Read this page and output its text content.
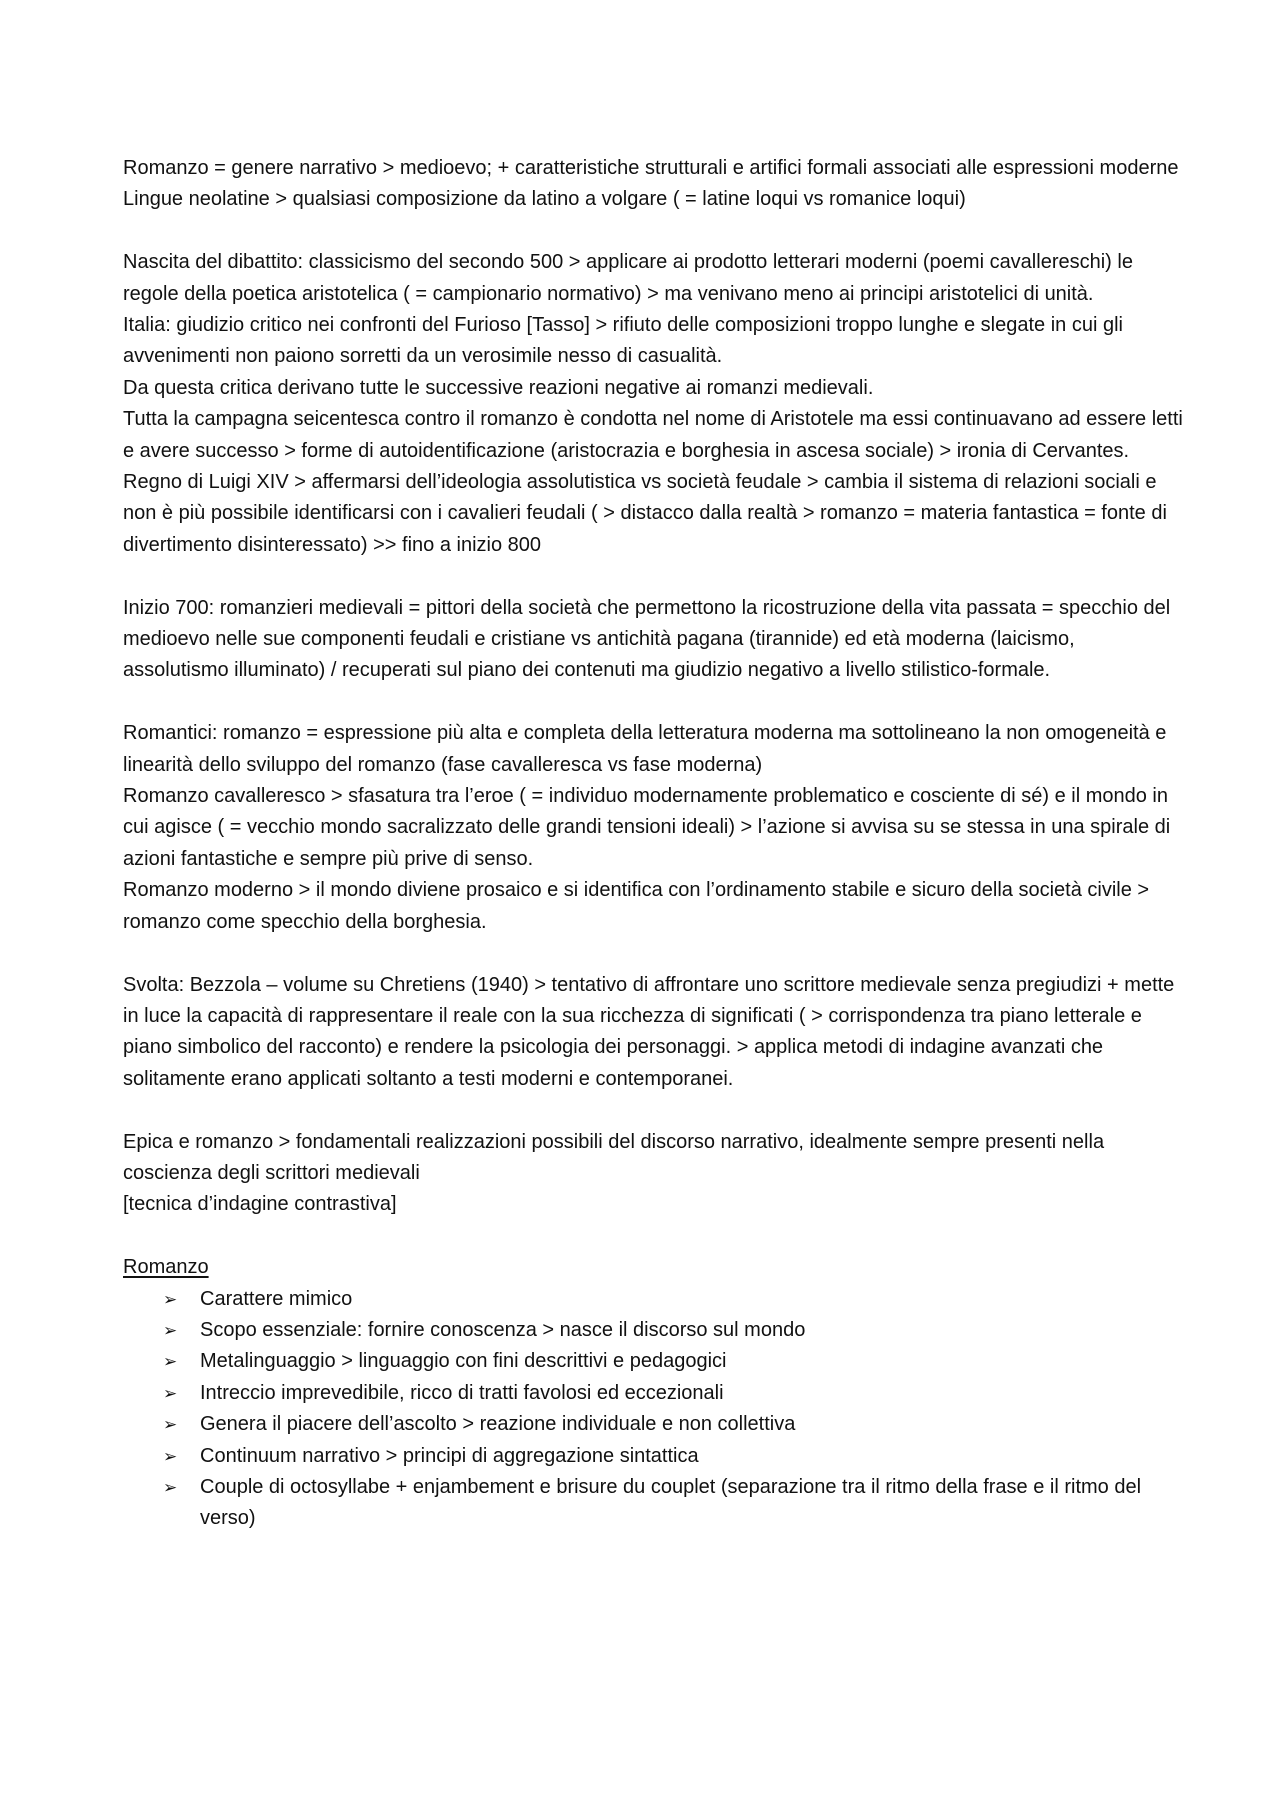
Romanzo = genere narrativo > medioevo; + caratteristiche strutturali e artifici formali associati alle espressioni moderne

Lingue neolatine > qualsiasi composizione da latino a volgare ( = latine loqui vs romanice loqui)

Nascita del dibattito: classicismo del secondo 500 > applicare ai prodotto letterari moderni (poemi cavallereschi) le regole della poetica aristotelica ( = campionario normativo) > ma venivano meno ai principi aristotelici di unità.

Italia: giudizio critico nei confronti del Furioso [Tasso] > rifiuto delle composizioni troppo lunghe e slegate in cui gli avvenimenti non paiono sorretti da un verosimile nesso di casualità.

Da questa critica derivano tutte le successive reazioni negative ai romanzi medievali.

Tutta la campagna seicentesca contro il romanzo è condotta nel nome di Aristotele ma essi continuavano ad essere letti e avere successo > forme di autoidentificazione (aristocrazia e borghesia in ascesa sociale) > ironia di Cervantes.

Regno di Luigi XIV > affermarsi dell’ideologia assolutistica vs società feudale > cambia il sistema di relazioni sociali e non è più possibile identificarsi con i cavalieri feudali ( > distacco dalla realtà > romanzo = materia fantastica = fonte di divertimento disinteressato) >> fino a inizio 800

Inizio 700: romanzieri medievali = pittori della società che permettono la ricostruzione della vita passata = specchio del medioevo nelle sue componenti feudali e cristiane vs antichità pagana (tirannide) ed età moderna (laicismo, assolutismo illuminato) / recuperati sul piano dei contenuti ma giudizio negativo a livello stilistico-formale.

Romantici: romanzo = espressione più alta e completa della letteratura moderna ma sottolineano la non omogeneità e linearità dello sviluppo del romanzo (fase cavalleresca vs fase moderna)

Romanzo cavalleresco > sfasatura tra l’eroe ( = individuo modernamente problematico e cosciente di sé) e il mondo in cui agisce ( = vecchio mondo sacralizzato delle grandi tensioni ideali) > l’azione si avvisa su se stessa in una spirale di azioni fantastiche e sempre più prive di senso.

Romanzo moderno > il mondo diviene prosaico e si identifica con l’ordinamento stabile e sicuro della società civile > romanzo come specchio della borghesia.

Svolta: Bezzola – volume su Chretiens (1940) > tentativo di affrontare uno scrittore medievale senza pregiudizi + mette in luce la capacità di rappresentare il reale con la sua ricchezza di significati ( > corrispondenza tra piano letterale e piano simbolico del racconto) e rendere la psicologia dei personaggi. > applica metodi di indagine avanzati che solitamente erano applicati soltanto a testi moderni e contemporanei.

Epica e romanzo > fondamentali realizzazioni possibili del discorso narrativo, idealmente sempre presenti nella coscienza degli scrittori medievali

[tecnica d’indagine contrastiva]

Romanzo

➢ Carattere mimico
➢ Scopo essenziale: fornire conoscenza > nasce il discorso sul mondo
➢ Metalinguaggio > linguaggio con fini descrittivi e pedagogici
➢ Intreccio imprevedibile, ricco di tratti favolosi ed eccezionali
➢ Genera il piacere dell’ascolto > reazione individuale e non collettiva
➢ Continuum narrativo > principi di aggregazione sintattica
➢ Couple di octosyllabe + enjambement e brisure du couplet (separazione tra il ritmo della frase e il ritmo del verso)
